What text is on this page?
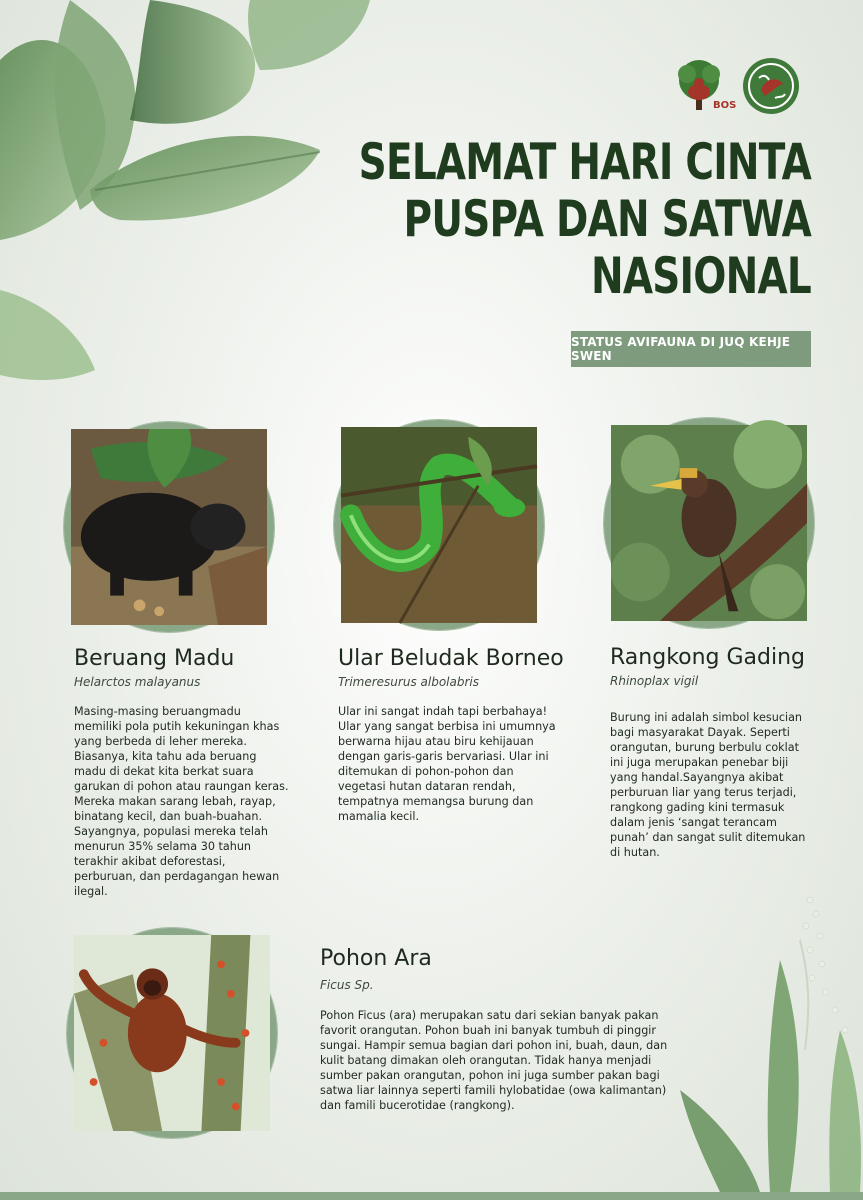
BOS
SELAMAT HARI CINTA
PUSPA DAN SATWA
NASIONAL
STATUS AVIFAUNA DI JUQ KEHJE SWEN
Beruang Madu
Helarctos malayanus
Masing-masing beruangmadu memiliki pola putih kekuningan khas yang berbeda di leher mereka. Biasanya, kita tahu ada beruang madu di dekat kita berkat suara garukan di pohon atau raungan keras. Mereka makan sarang lebah, rayap, binatang kecil, dan buah-buahan. Sayangnya, populasi mereka telah menurun 35% selama 30 tahun terakhir akibat deforestasi, perburuan, dan perdagangan hewan ilegal.
Ular Beludak Borneo
Trimeresurus albolabris
Ular ini sangat indah tapi berbahaya! Ular yang sangat berbisa ini umumnya berwarna hijau atau biru kehijauan dengan garis-garis bervariasi. Ular ini ditemukan di pohon-pohon dan vegetasi hutan dataran rendah, tempatnya memangsa burung dan mamalia kecil.
Rangkong Gading
Rhinoplax vigil
Burung ini adalah simbol kesucian bagi masyarakat Dayak. Seperti orangutan, burung berbulu coklat ini juga merupakan penebar biji yang handal.Sayangnya akibat perburuan liar yang terus terjadi, rangkong gading kini termasuk dalam jenis ‘sangat terancam punah’ dan sangat sulit ditemukan di hutan.
Pohon Ara
Ficus Sp.
Pohon Ficus (ara) merupakan satu dari sekian banyak pakan favorit orangutan. Pohon buah ini banyak tumbuh di pinggir sungai. Hampir semua bagian dari pohon ini, buah, daun, dan kulit batang dimakan oleh orangutan. Tidak hanya menjadi sumber pakan orangutan, pohon ini juga sumber pakan bagi satwa liar lainnya seperti famili hylobatidae (owa kalimantan) dan famili bucerotidae (rangkong).
